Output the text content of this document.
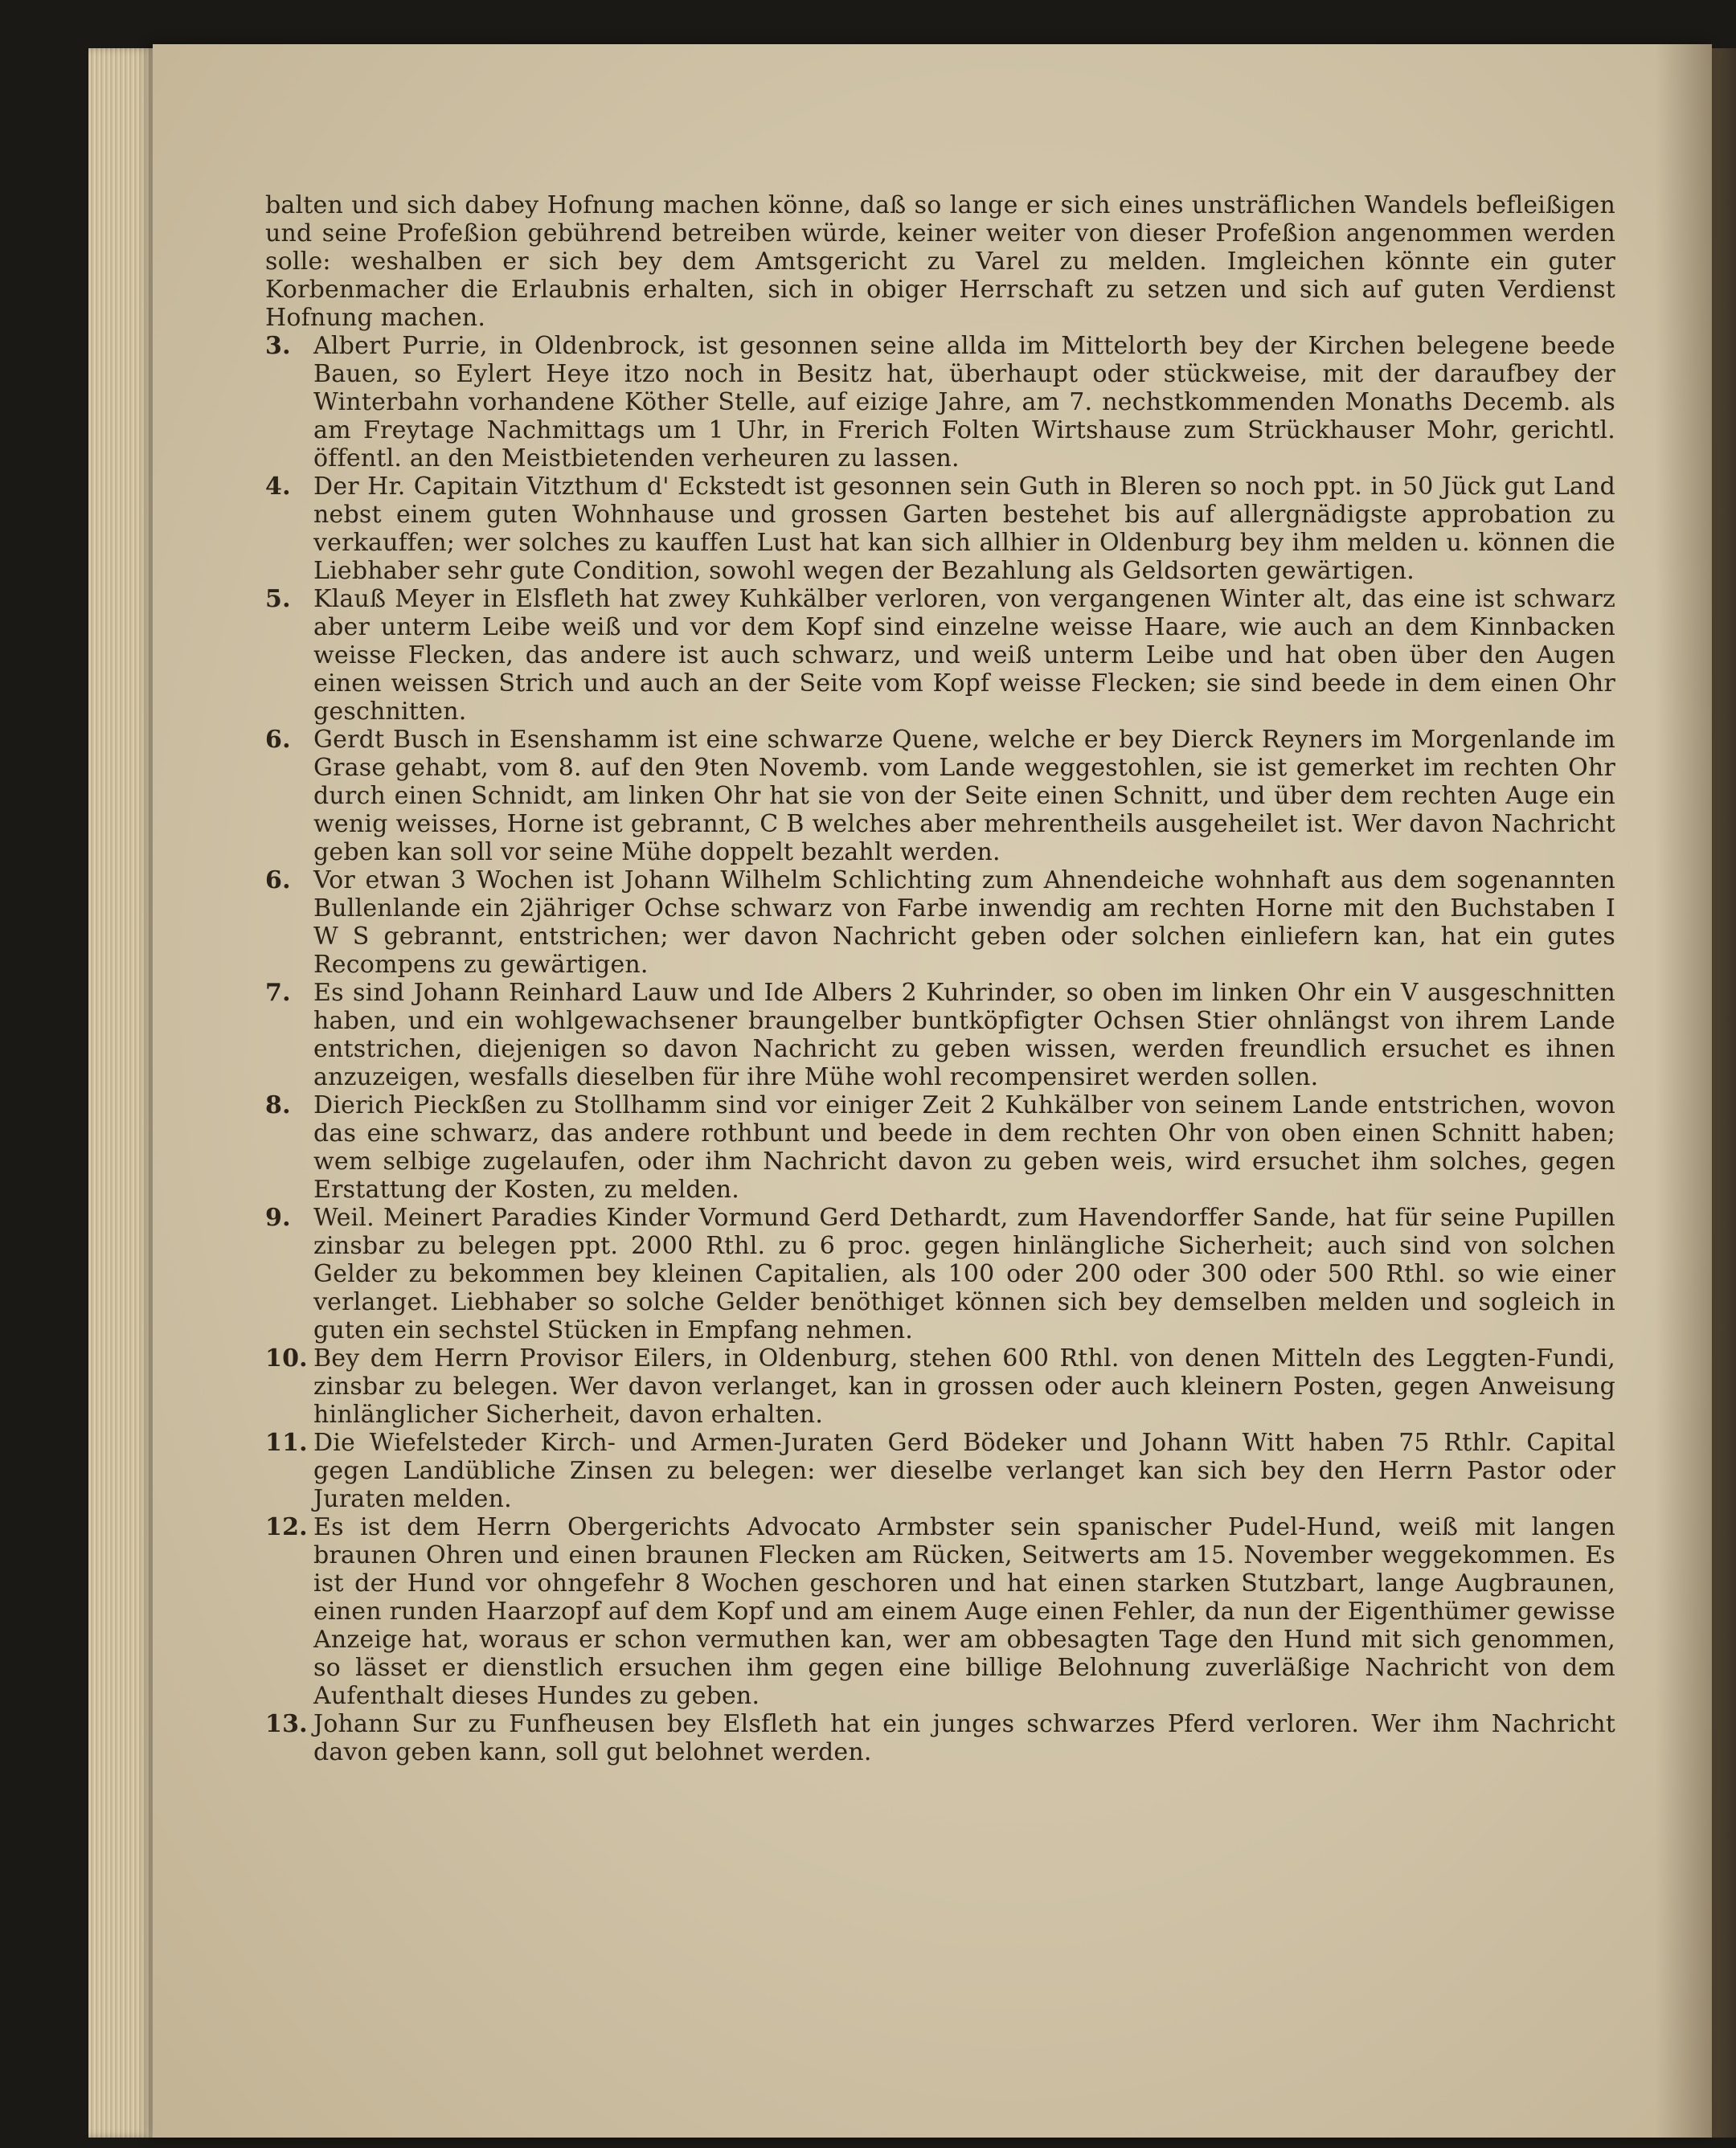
balten und sich dabey Hofnung machen könne, daß so lange er sich eines unsträflichen Wandels befleißigen und seine Profeßion gebührend betreiben würde, keiner weiter von dieser Profeßion angenommen werden solle: weshalben er sich bey dem Amtsgericht zu Varel zu melden. Imgleichen könnte ein guter Korbenmacher die Erlaubnis erhalten, sich in obiger Herrschaft zu setzen und sich auf guten Verdienst Hofnung machen.

3. Albert Purrie, in Oldenbrock, ist gesonnen seine allda im Mittelorth bey der Kirchen belegene beede Bauen, so Eylert Heye itzo noch in Besitz hat, überhaupt oder stückweise, mit der daraufbey der Winterbahn vorhandene Köther Stelle, auf eizige Jahre, am 7. nechstkommenden Monaths Decemb. als am Freytage Nachmittags um 1 Uhr, in Frerich Folten Wirtshause zum Strückhauser Mohr, gerichtl. öffentl. an den Meistbietenden verheuren zu lassen.

4. Der Hr. Capitain Vitzthum d' Eckstedt ist gesonnen sein Guth in Bleren so noch ppt. in 50 Jück gut Land nebst einem guten Wohnhause und grossen Garten bestehet bis auf allergnädigste approbation zu verkauffen; wer solches zu kauffen Lust hat kan sich allhier in Oldenburg bey ihm melden u. können die Liebhaber sehr gute Condition, sowohl wegen der Bezahlung als Geldsorten gewärtigen.

5. Klauß Meyer in Elsfleth hat zwey Kuhkälber verloren, von vergangenen Winter alt, das eine ist schwarz aber unterm Leibe weiß und vor dem Kopf sind einzelne weisse Haare, wie auch an dem Kinnbacken weisse Flecken, das andere ist auch schwarz, und weiß unterm Leibe und hat oben über den Augen einen weissen Strich und auch an der Seite vom Kopf weisse Flecken; sie sind beede in dem einen Ohr geschnitten.

6. Gerdt Busch in Esenshamm ist eine schwarze Quene, welche er bey Dierck Reyners im Morgenlande im Grase gehabt, vom 8. auf den 9ten Novemb. vom Lande weggestohlen, sie ist gemerket im rechten Ohr durch einen Schnidt, am linken Ohr hat sie von der Seite einen Schnitt, und über dem rechten Auge ein wenig weisses, Horne ist gebrannt, C B welches aber mehrentheils ausgeheilet ist. Wer davon Nachricht geben kan soll vor seine Mühe doppelt bezahlt werden.

6. Vor etwan 3 Wochen ist Johann Wilhelm Schlichting zum Ahnendeiche wohnhaft aus dem sogenannten Bullenlande ein 2jähriger Ochse schwarz von Farbe inwendig am rechten Horne mit den Buchstaben I W S gebrannt, entstrichen; wer davon Nachricht geben oder solchen einliefern kan, hat ein gutes Recompens zu gewärtigen.

7. Es sind Johann Reinhard Lauw und Ide Albers 2 Kuhrinder, so oben im linken Ohr ein V ausgeschnitten haben, und ein wohlgewachsener braungelber buntköpfigter Ochsen Stier ohnlängst von ihrem Lande entstrichen, diejenigen so davon Nachricht zu geben wissen, werden freundlich ersuchet es ihnen anzuzeigen, wesfalls dieselben für ihre Mühe wohl recompensiret werden sollen.

8. Dierich Pieckßen zu Stollhamm sind vor einiger Zeit 2 Kuhkälber von seinem Lande entstrichen, wovon das eine schwarz, das andere rothbunt und beede in dem rechten Ohr von oben einen Schnitt haben; wem selbige zugelaufen, oder ihm Nachricht davon zu geben weis, wird ersuchet ihm solches, gegen Erstattung der Kosten, zu melden.

9. Weil. Meinert Paradies Kinder Vormund Gerd Dethardt, zum Havendorffer Sande, hat für seine Pupillen zinsbar zu belegen ppt. 2000 Rthl. zu 6 proc. gegen hinlängliche Sicherheit; auch sind von solchen Gelder zu bekommen bey kleinen Capitalien, als 100 oder 200 oder 300 oder 500 Rthl. so wie einer verlanget. Liebhaber so solche Gelder benöthiget können sich bey demselben melden und sogleich in guten ein sechstel Stücken in Empfang nehmen.

10. Bey dem Herrn Provisor Eilers, in Oldenburg, stehen 600 Rthl. von denen Mitteln des Leggten-Fundi, zinsbar zu belegen. Wer davon verlanget, kan in grossen oder auch kleinern Posten, gegen Anweisung hinlänglicher Sicherheit, davon erhalten.

11. Die Wiefelsteder Kirch- und Armen-Juraten Gerd Bödeker und Johann Witt haben 75 Rthlr. Capital gegen Landübliche Zinsen zu belegen: wer dieselbe verlanget kan sich bey den Herrn Pastor oder Juraten melden.

12. Es ist dem Herrn Obergerichts Advocato Armbster sein spanischer Pudel-Hund, weiß mit langen braunen Ohren und einen braunen Flecken am Rücken, Seitwerts am 15. November weggekommen. Es ist der Hund vor ohngefehr 8 Wochen geschoren und hat einen starken Stutzbart, lange Augbraunen, einen runden Haarzopf auf dem Kopf und am einem Auge einen Fehler, da nun der Eigenthümer gewisse Anzeige hat, woraus er schon vermuthen kan, wer am obbesagten Tage den Hund mit sich genommen, so lässet er dienstlich ersuchen ihm gegen eine billige Belohnung zuverläßige Nachricht von dem Aufenthalt dieses Hundes zu geben.

13. Johann Sur zu Funfheusen bey Elsfleth hat ein junges schwarzes Pferd verloren. Wer ihm Nachricht davon geben kann, soll gut belohnet werden.
